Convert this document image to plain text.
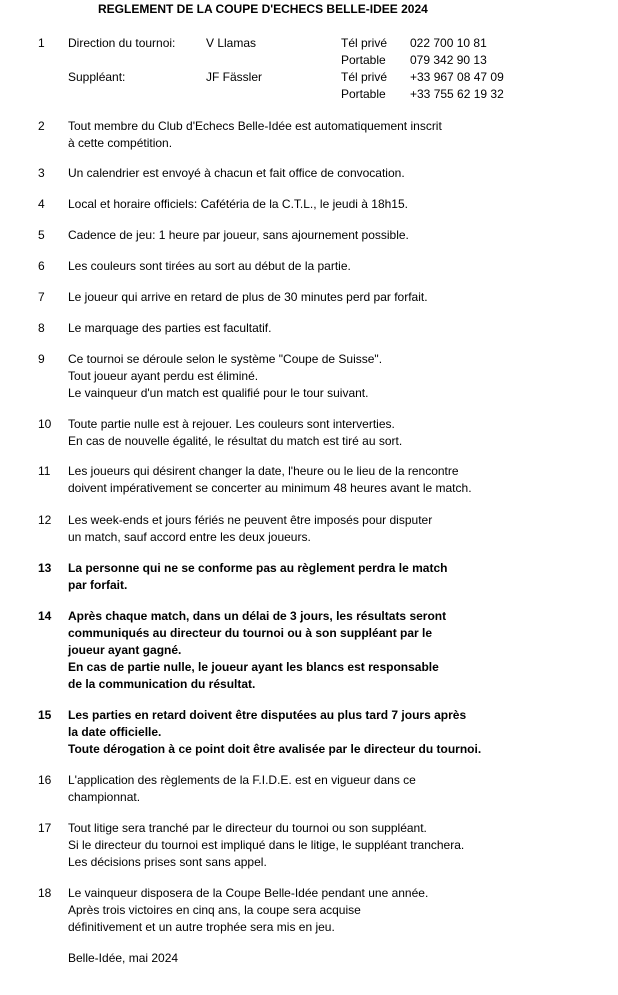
REGLEMENT DE LA COUPE D'ECHECS BELLE-IDEE 2024
1 Direction du tournoi:	V Llamas	Tél privé 022 700 10 81
Portable 079 342 90 13
Suppléant:	JF Fässler	Tél privé +33 967 08 47 09
Portable +33 755 62 19 32
2 Tout membre du Club d'Echecs Belle-Idée est automatiquement inscrit
à cette compétition.
3 Un calendrier est envoyé à chacun et fait office de convocation.
4 Local et horaire officiels: Cafétéria de la C.T.L., le jeudi à 18h15.
5 Cadence de jeu: 1 heure par joueur, sans ajournement possible.
6 Les couleurs sont tirées au sort au début de la partie.
7 Le joueur qui arrive en retard de plus de 30 minutes perd par forfait.
8 Le marquage des parties est facultatif.
9 Ce tournoi se déroule selon le système "Coupe de Suisse".
Tout joueur ayant perdu est éliminé.
Le vainqueur d'un match est qualifié pour le tour suivant.
10 Toute partie nulle est à rejouer. Les couleurs sont interverties.
En cas de nouvelle égalité, le résultat du match est tiré au sort.
11 Les joueurs qui désirent changer la date, l'heure ou le lieu de la rencontre
doivent impérativement se concerter au minimum 48 heures avant le match.
12 Les week-ends et jours fériés ne peuvent être imposés pour disputer
un match, sauf accord entre les deux joueurs.
13 La personne qui ne se conforme pas au règlement perdra le match
par forfait.
14 Après chaque match, dans un délai de 3 jours, les résultats seront
communiqués au directeur du tournoi ou à son suppléant par le
joueur ayant gagné.
En cas de partie nulle, le joueur ayant les blancs est responsable
de la communication du résultat.
15 Les parties en retard doivent être disputées au plus tard 7 jours après
la date officielle.
Toute dérogation à ce point doit être avalisée par le directeur du tournoi.
16 L'application des règlements de la F.I.D.E. est en vigueur dans ce
championnat.
17 Tout litige sera tranché par le directeur du tournoi ou son suppléant.
Si le directeur du tournoi est impliqué dans le litige, le suppléant tranchera.
Les décisions prises sont sans appel.
18 Le vainqueur disposera de la Coupe Belle-Idée pendant une année.
Après trois victoires en cinq ans, la coupe sera acquise
définitivement et un autre trophée sera mis en jeu.
Belle-Idée, mai 2024
